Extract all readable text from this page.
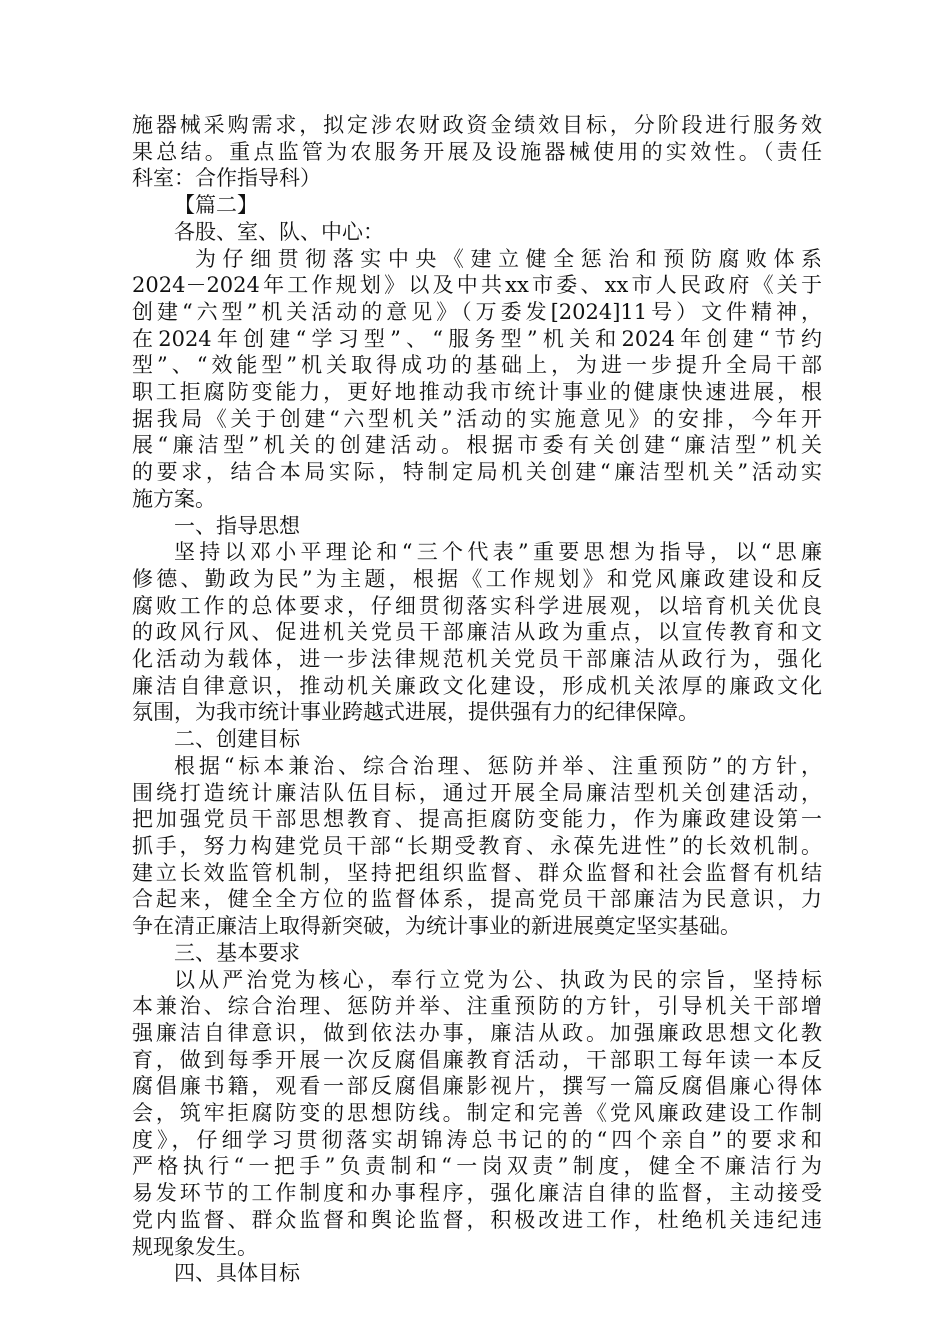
施器械采购需求，拟定涉农财政资金绩效目标，分阶段进行服务效
果总结。重点监管为农服务开展及设施器械使用的实效性。（责任
科室：合作指导科）
【篇二】
各股、室、队、中心：
为仔细贯彻落实中央《建立健全惩治和预防腐败体系
2024－2024年工作规划》以及中共xx市委、xx市人民政府《关于
创建“六型”机关活动的意见》（万委发[2024]11号）文件精神，
在2024年创建“学习型”、“服务型”机关和2024年创建“节约
型”、“效能型”机关取得成功的基础上，为进一步提升全局干部
职工拒腐防变能力，更好地推动我市统计事业的健康快速进展，根
据我局《关于创建“六型机关”活动的实施意见》的安排，今年开
展“廉洁型”机关的创建活动。根据市委有关创建“廉洁型”机关
的要求，结合本局实际，特制定局机关创建“廉洁型机关”活动实
施方案。
一、指导思想
坚持以邓小平理论和“三个代表”重要思想为指导，以“思廉
修德、勤政为民”为主题，根据《工作规划》和党风廉政建设和反
腐败工作的总体要求，仔细贯彻落实科学进展观，以培育机关优良
的政风行风、促进机关党员干部廉洁从政为重点，以宣传教育和文
化活动为载体，进一步法律规范机关党员干部廉洁从政行为，强化
廉洁自律意识，推动机关廉政文化建设，形成机关浓厚的廉政文化
氛围，为我市统计事业跨越式进展，提供强有力的纪律保障。
二、创建目标
根据“标本兼治、综合治理、惩防并举、注重预防”的方针，
围绕打造统计廉洁队伍目标，通过开展全局廉洁型机关创建活动，
把加强党员干部思想教育、提高拒腐防变能力，作为廉政建设第一
抓手，努力构建党员干部“长期受教育、永葆先进性”的长效机制。
建立长效监管机制，坚持把组织监督、群众监督和社会监督有机结
合起来，健全全方位的监督体系，提高党员干部廉洁为民意识，力
争在清正廉洁上取得新突破，为统计事业的新进展奠定坚实基础。
三、基本要求
以从严治党为核心，奉行立党为公、执政为民的宗旨，坚持标
本兼治、综合治理、惩防并举、注重预防的方针，引导机关干部增
强廉洁自律意识，做到依法办事，廉洁从政。加强廉政思想文化教
育，做到每季开展一次反腐倡廉教育活动，干部职工每年读一本反
腐倡廉书籍，观看一部反腐倡廉影视片，撰写一篇反腐倡廉心得体
会，筑牢拒腐防变的思想防线。制定和完善《党风廉政建设工作制
度》，仔细学习贯彻落实胡锦涛总书记的的“四个亲自”的要求和
严格执行“一把手”负责制和“一岗双责”制度，健全不廉洁行为
易发环节的工作制度和办事程序，强化廉洁自律的监督，主动接受
党内监督、群众监督和舆论监督，积极改进工作，杜绝机关违纪违
规现象发生。
四、具体目标
